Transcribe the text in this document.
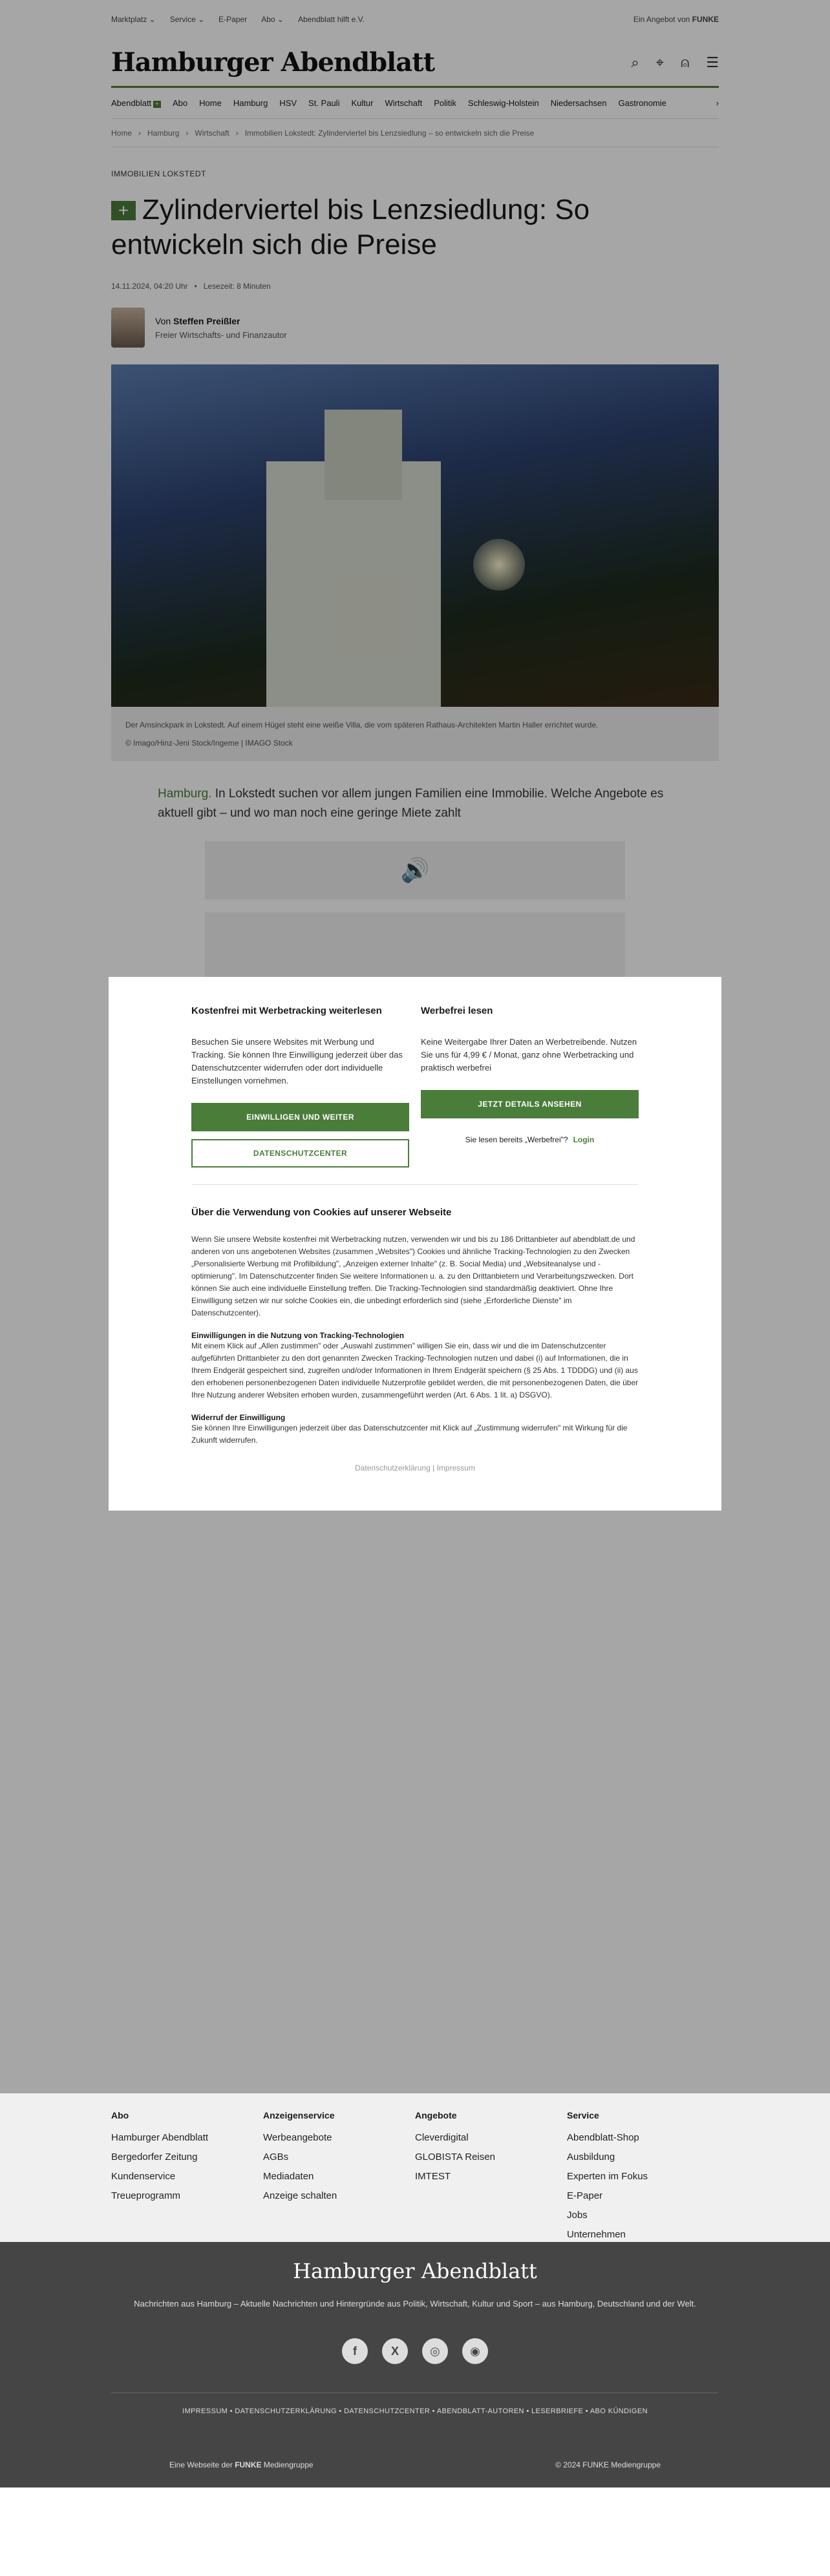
Marktplatz ⌄ Service ⌄ E-Paper Abo ⌄ Abendblatt hilft e.V.	Ein Angebot von FUNKE
Hamburger Abendblatt	⌕ ⌖ ⍝ ☰
Abendblatt + Abo Home Hamburg HSV St. Pauli Kultur Wirtschaft Politik Schleswig-Holstein Niedersachsen Gastronomie	›
Home › Hamburg › Wirtschaft › Immobilien Lokstedt: Zylinderviertel bis Lenzsiedlung – so entwickeln sich die Preise
IMMOBILIEN LOKSTEDT
+ Zylinderviertel bis Lenzsiedlung: So entwickeln sich die Preise
14.11.2024, 04:20 Uhr • Lesezeit: 8 Minuten
Von Steffen Preißler
Freier Wirtschafts- und Finanzautor
Der Amsinckpark in Lokstedt. Auf einem Hügel steht eine weiße Villa, die vom späteren Rathaus-Architekten Martin Haller errichtet wurde.
© Imago/Hinz-Jeni Stock/Ingeme | IMAGO Stock

Hamburg. In Lokstedt suchen vor allem jungen Familien eine Immobilie. Welche Angebote es aktuell gibt – und wo man noch eine geringe Miete zahlt

🔊
Kostenfrei mit Werbetracking weiterlesen

Besuchen Sie unsere Websites mit Werbung und Tracking. Sie können Ihre Einwilligung jederzeit über das Datenschutzcenter widerrufen oder dort individuelle Einstellungen vornehmen.

EINWILLIGEN UND WEITER
DATENSCHUTZCENTER
Werbefrei lesen

Keine Weitergabe Ihrer Daten an Werbetreibende. Nutzen Sie uns für 4,99 € / Monat, ganz ohne Werbetracking und praktisch werbefrei

JETZT DETAILS ANSEHEN
Sie lesen bereits „Werbefrei"? Login
Über die Verwendung von Cookies auf unserer Webseite

Wenn Sie unsere Website kostenfrei mit Werbetracking nutzen, verwenden wir und bis zu 186 Drittanbieter auf abendblatt.de und anderen von uns angebotenen Websites (zusammen „Websites") Cookies und ähnliche Tracking-Technologien zu den Zwecken „Personalisierte Werbung mit Profilbildung", „Anzeigen externer Inhalte" (z. B. Social Media) und „Websiteanalyse und -optimierung". Im Datenschutzcenter finden Sie weitere Informationen u. a. zu den Drittanbietern und Verarbeitungszwecken. Dort können Sie auch eine individuelle Einstellung treffen. Die Tracking-Technologien sind standardmäßig deaktiviert. Ohne Ihre Einwilligung setzen wir nur solche Cookies ein, die unbedingt erforderlich sind (siehe „Erforderliche Dienste" im Datenschutzcenter).

Einwilligungen in die Nutzung von Tracking-Technologien

Mit einem Klick auf „Allen zustimmen" oder „Auswahl zustimmen" willigen Sie ein, dass wir und die im Datenschutzcenter aufgeführten Drittanbieter zu den dort genannten Zwecken Tracking-Technologien nutzen und dabei (i) auf Informationen, die in Ihrem Endgerät gespeichert sind, zugreifen und/oder Informationen in Ihrem Endgerät speichern (§ 25 Abs. 1 TDDDG) und (ii) aus den erhobenen personenbezogenen Daten individuelle Nutzerprofile gebildet werden, die mit personenbezogenen Daten, die über Ihre Nutzung anderer Websiten erhoben wurden, zusammengeführt werden (Art. 6 Abs. 1 lit. a) DSGVO).

Widerruf der Einwilligung

Sie können Ihre Einwilligungen jederzeit über das Datenschutzcenter mit Klick auf „Zustimmung widerrufen" mit Wirkung für die Zukunft widerrufen.

Datenschutzerklärung | Impressum
Abo
Hamburger Abendblatt
Bergedorfer Zeitung
Kundenservice
Treueprogramm
Anzeigenservice
Werbeangebote
AGBs
Mediadaten
Anzeige schalten
Angebote
Cleverdigital
GLOBISTA Reisen
IMTEST
Service
Abendblatt-Shop
Ausbildung
Experten im Fokus
E-Paper
Jobs
Unternehmen
Hamburger Abendblatt
Nachrichten aus Hamburg – Aktuelle Nachrichten und Hintergründe aus Politik, Wirtschaft, Kultur und Sport – aus Hamburg, Deutschland und der Welt.
f	X	◎	◉
IMPRESSUM • DATENSCHUTZERKLÄRUNG • DATENSCHUTZCENTER • ABENDBLATT-AUTOREN • LESERBRIEFE • ABO KÜNDIGEN
Eine Webseite der FUNKE Mediengruppe	© 2024 FUNKE Mediengruppe
